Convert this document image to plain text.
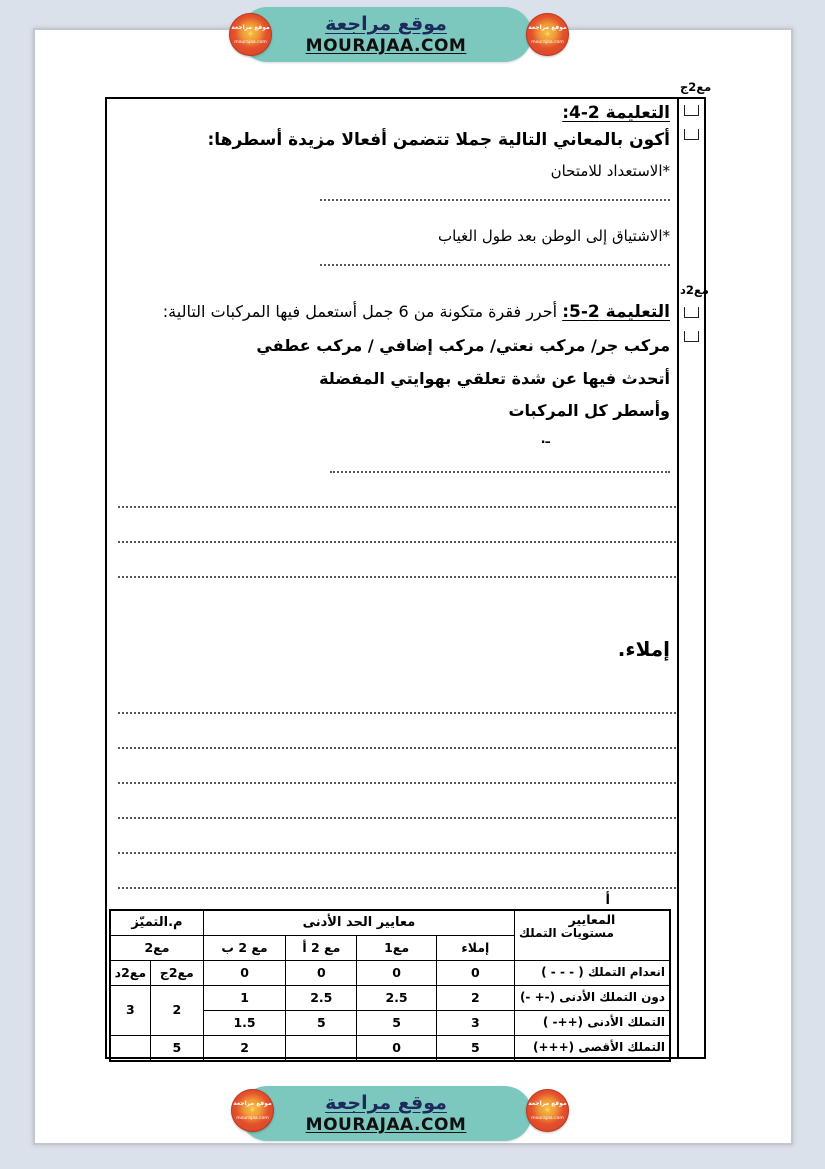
موقع مراجعة
MOURAJAA.COM
موقع مراجعة
✦
mourajaa.com
موقع مراجعة
✦
mourajaa.com
مع2ج
مع2د
التعليمة 2-4:
أكون بالمعاني التالية جملا تتضمن أفعالا مزيدة أسطرها:
*الاستعداد للامتحان
*الاشتياق إلى الوطن بعد طول الغياب
التعليمة 2-5: أحرر فقرة متكونة من 6 جمل أستعمل فيها المركبات التالية:
مركب جر/ مركب نعتي/ مركب إضافي / مركب عطفي
أتحدث فيها عن شدة تعلقي بهوايتي المفضلة
وأسطر كل المركبات
ـ.
إملاء.
أ
المعايير
مستويات التملك	معايير الحد الأدنى				م.التميّز	
	إملاء	مع1	مع 2 أ	مع 2 ب	مع2	
انعدام التملك ( - - - )	0	0	0	0	مع2ج	مع2د
دون التملك الأدنى (- +-)	2	2.5	2.5	1	2	3
التملك الأدنى ( -++)	3	5	5	1.5		
التملك الأقصى (+++)	5	0		2	5	
موقع مراجعة
MOURAJAA.COM
موقع مراجعة
✦
mourajaa.com
موقع مراجعة
✦
mourajaa.com
